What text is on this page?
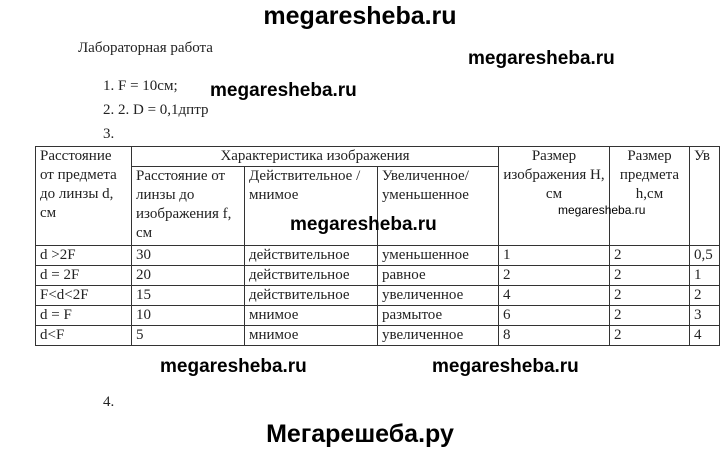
megaresheba.ru
Лабораторная работа	megaresheba.ru
1. F = 10см; megaresheba.ru
2. 2. D = 0,1дптр
3.
Расстояние от предмета до линзы d, см	Характеристика изображения			Размер изображения H, см	Размер предмета h,см	Ув
	Расстояние от линзы до изображения f, см	Действительное /мнимое	Увеличенное/ уменьшенное			
d >2F	30	действительное	уменьшенное	1	2	0,5
d = 2F	20	действительное	равное	2	2	1
F<d<2F	15	действительное	увеличенное	4	2	2
d = F	10	мнимое	размытое	6	2	3
d<F	5	мнимое	увеличенное	8	2	4
megaresheba.ru
megaresheba.ru
megaresheba.ru	megaresheba.ru
4.
Мегарешеба.ру
